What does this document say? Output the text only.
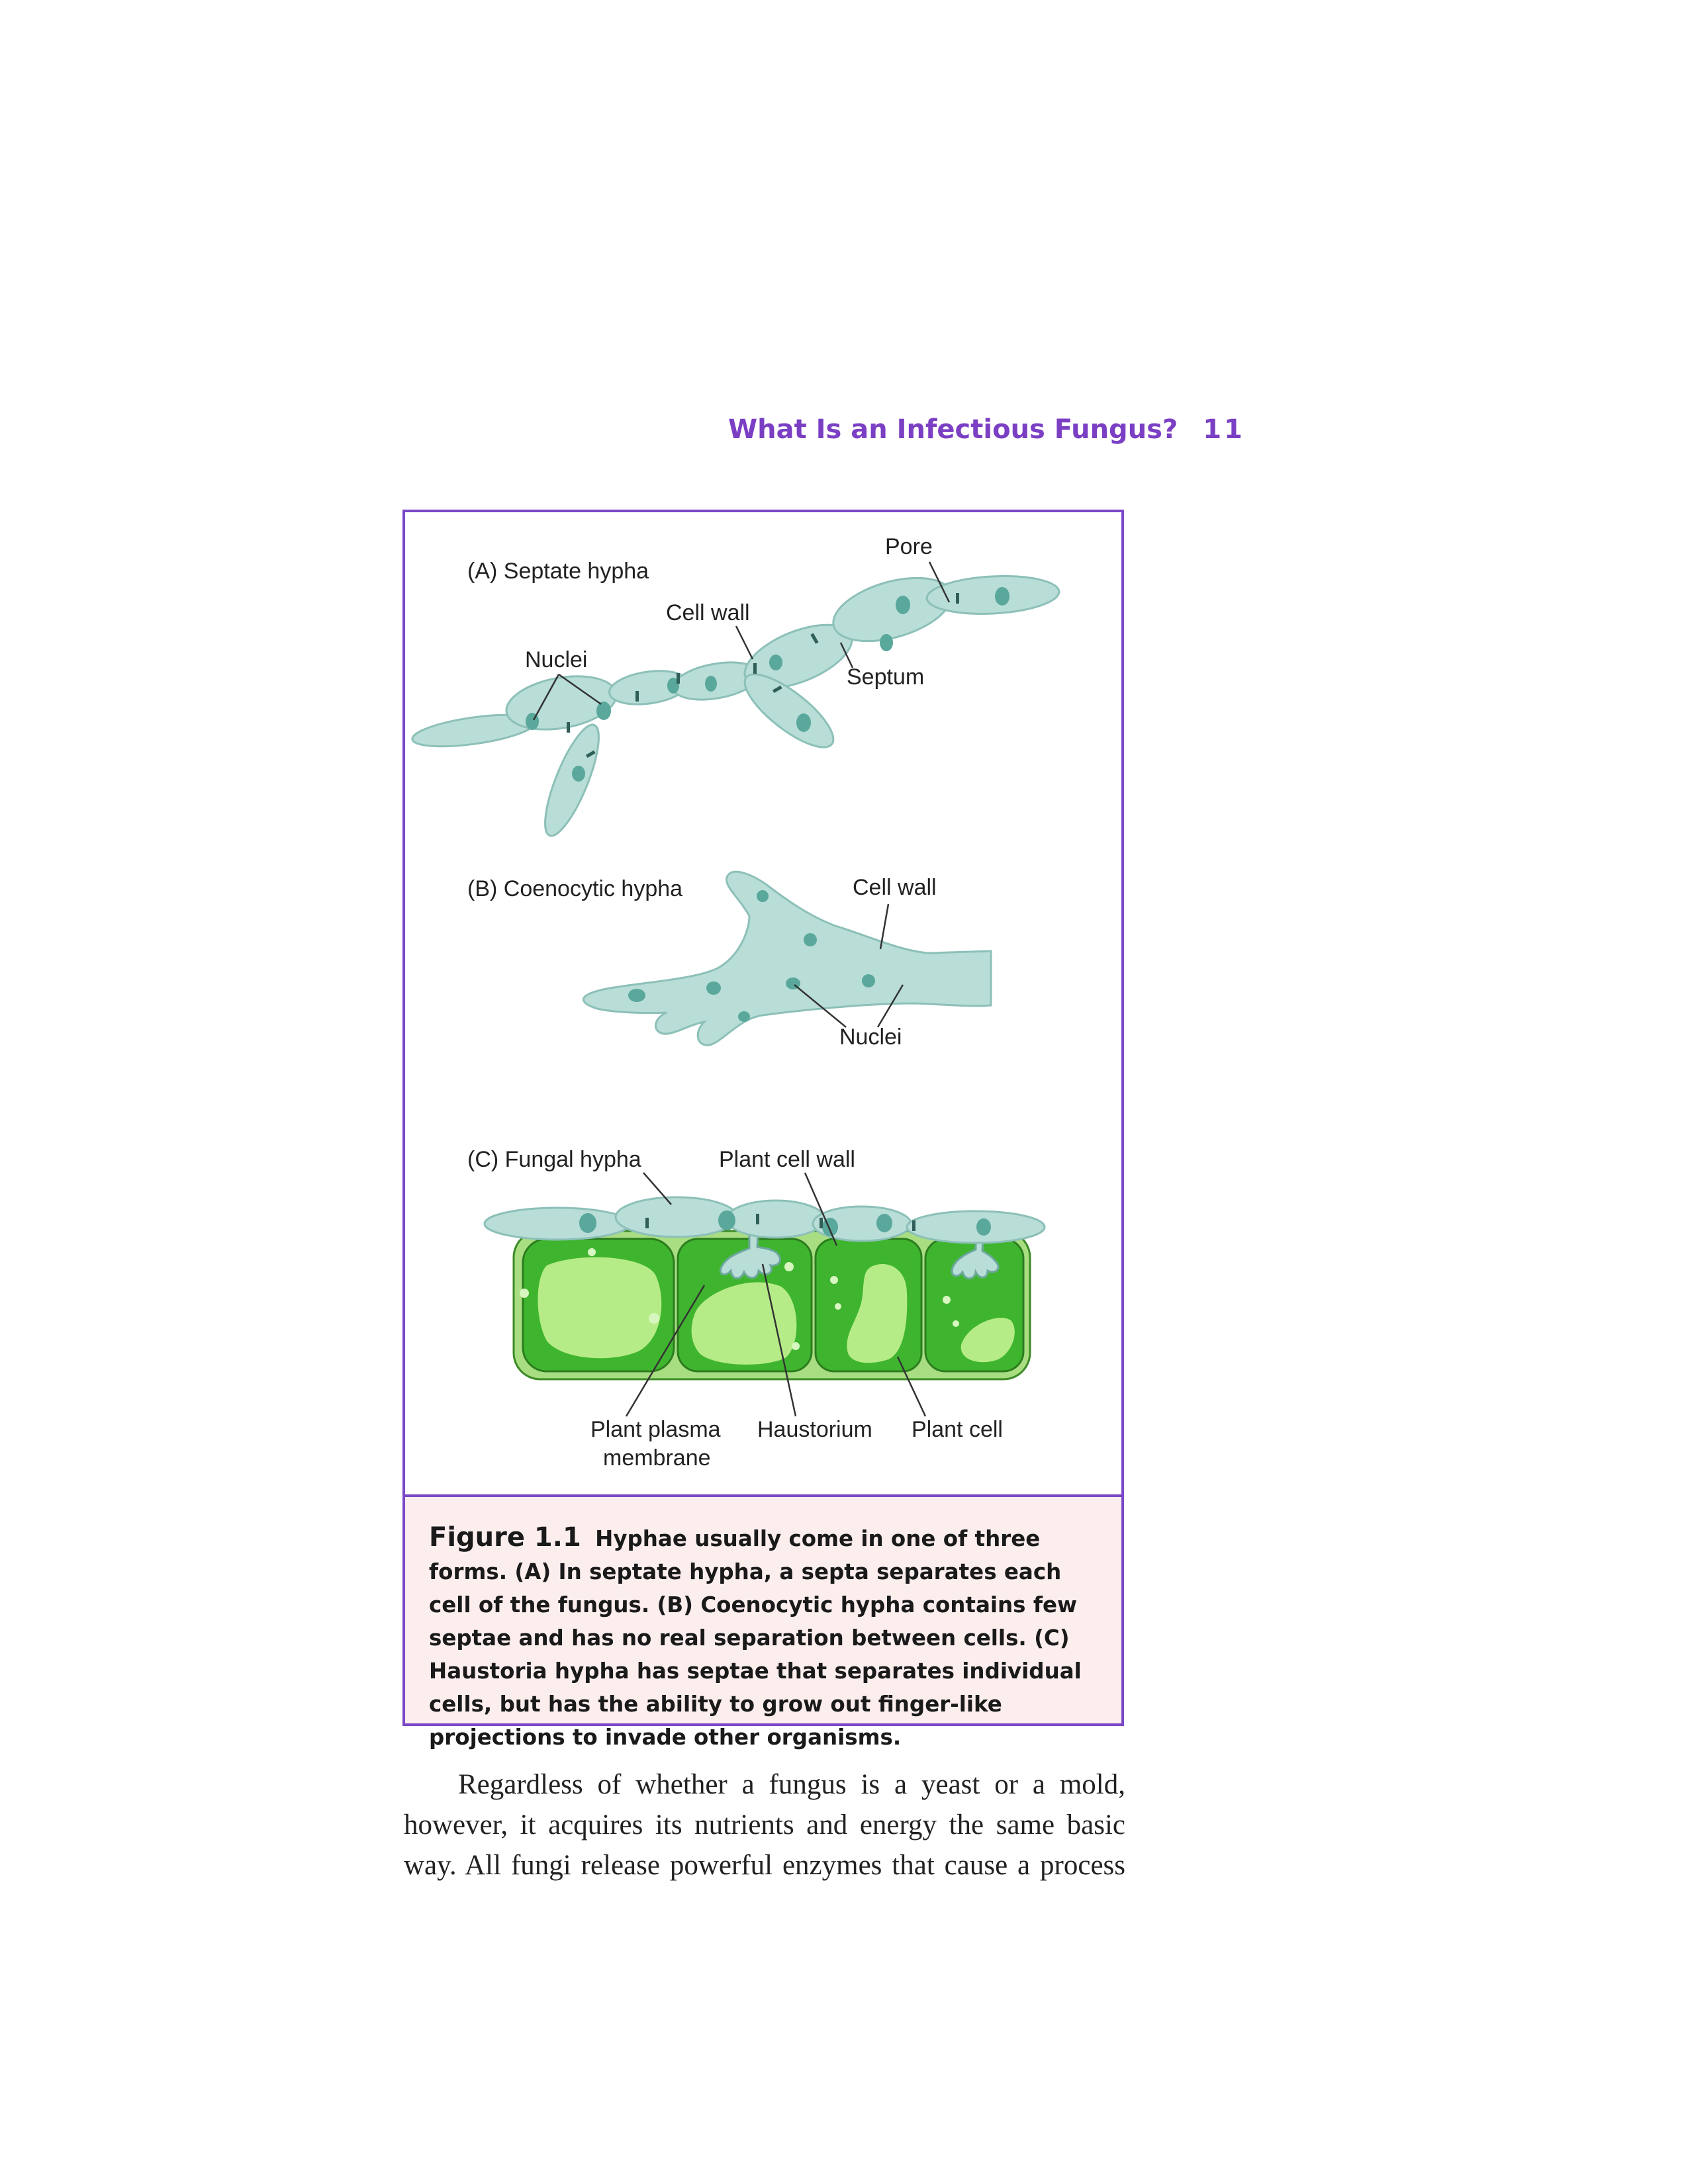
What Is an Infectious Fungus? 11
(A) Septate hypha
Pore
Cell wall
Nuclei
Septum
(B) Coenocytic hypha	Cell wall
Nuclei
(C) Fungal hypha	Plant cell wall
Plant plasma
membrane
Haustorium Plant cell
Figure 1.1 Hyphae usually come in one of three forms. (A) In septate hypha, a septa separates each cell of the fungus. (B) Coenocytic hypha contains few septae and has no real separation between cells. (C) Haustoria hypha has septae that separates individual cells, but has the ability to grow out finger-like projections to invade other organisms.

Regardless of whether a fungus is a yeast or a mold, however, it acquires its nutrients and energy the same basic way. All fungi release powerful enzymes that cause a process
